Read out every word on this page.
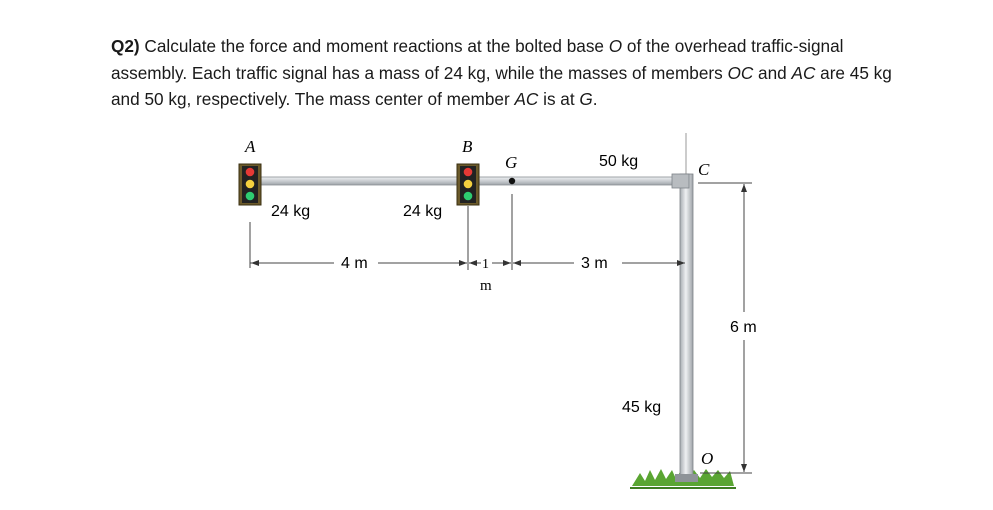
Q2) Calculate the force and moment reactions at the bolted base O of the overhead traffic-signal assembly. Each traffic signal has a mass of 24 kg, while the masses of members OC and AC are 45 kg and 50 kg, respectively. The mass center of member AC is at G.

A	B
G	C
O
24 kg	24 kg
50 kg
45 kg
4 m	1
m
3 m
6 m
